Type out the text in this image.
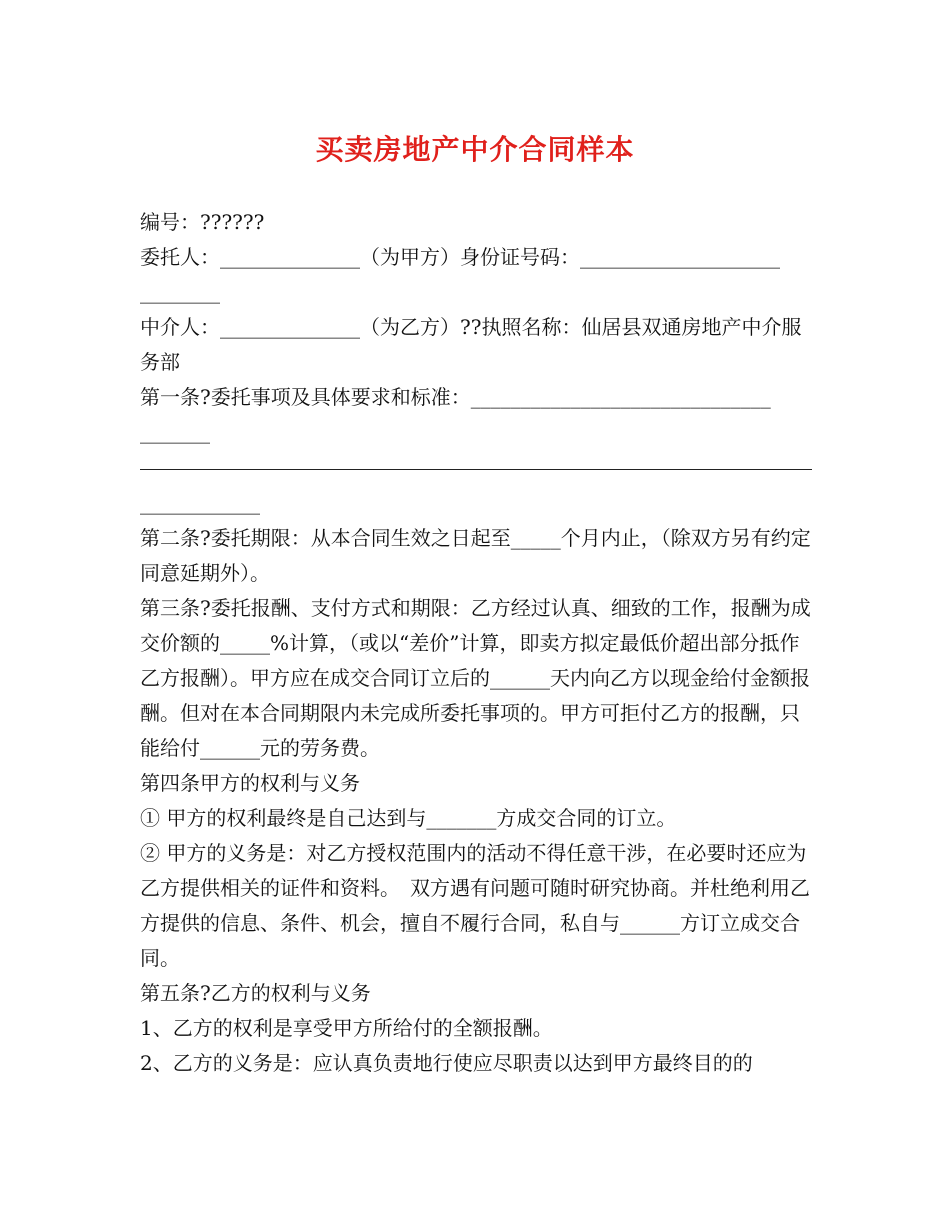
买卖房地产中介合同样本

编号：??????

委托人：______________（为甲方）身份证号码：____________________

________

中介人：______________（为乙方）??执照名称：仙居县双通房地产中介服务部

第一条?委托事项及具体要求和标准：______________________________

_______

____________

第二条?委托期限：从本合同生效之日起至_____个月内止，（除双方另有约定同意延期外）。

第三条?委托报酬、支付方式和期限：乙方经过认真、细致的工作，报酬为成交价额的_____%计算，（或以“差价”计算，即卖方拟定最低价超出部分抵作乙方报酬）。甲方应在成交合同订立后的______天内向乙方以现金给付金额报酬。但对在本合同期限内未完成所委托事项的。甲方可拒付乙方的报酬，只能给付______元的劳务费。

第四条甲方的权利与义务

① 甲方的权利最终是自己达到与_______方成交合同的订立。

② 甲方的义务是：对乙方授权范围内的活动不得任意干涉，在必要时还应为乙方提供相关的证件和资料。　双方遇有问题可随时研究协商。并杜绝利用乙方提供的信息、条件、机会，擅自不履行合同，私自与______方订立成交合同。

第五条?乙方的权利与义务

1、乙方的权利是享受甲方所给付的全额报酬。

2、乙方的义务是：应认真负责地行使应尽职责以达到甲方最终目的的
